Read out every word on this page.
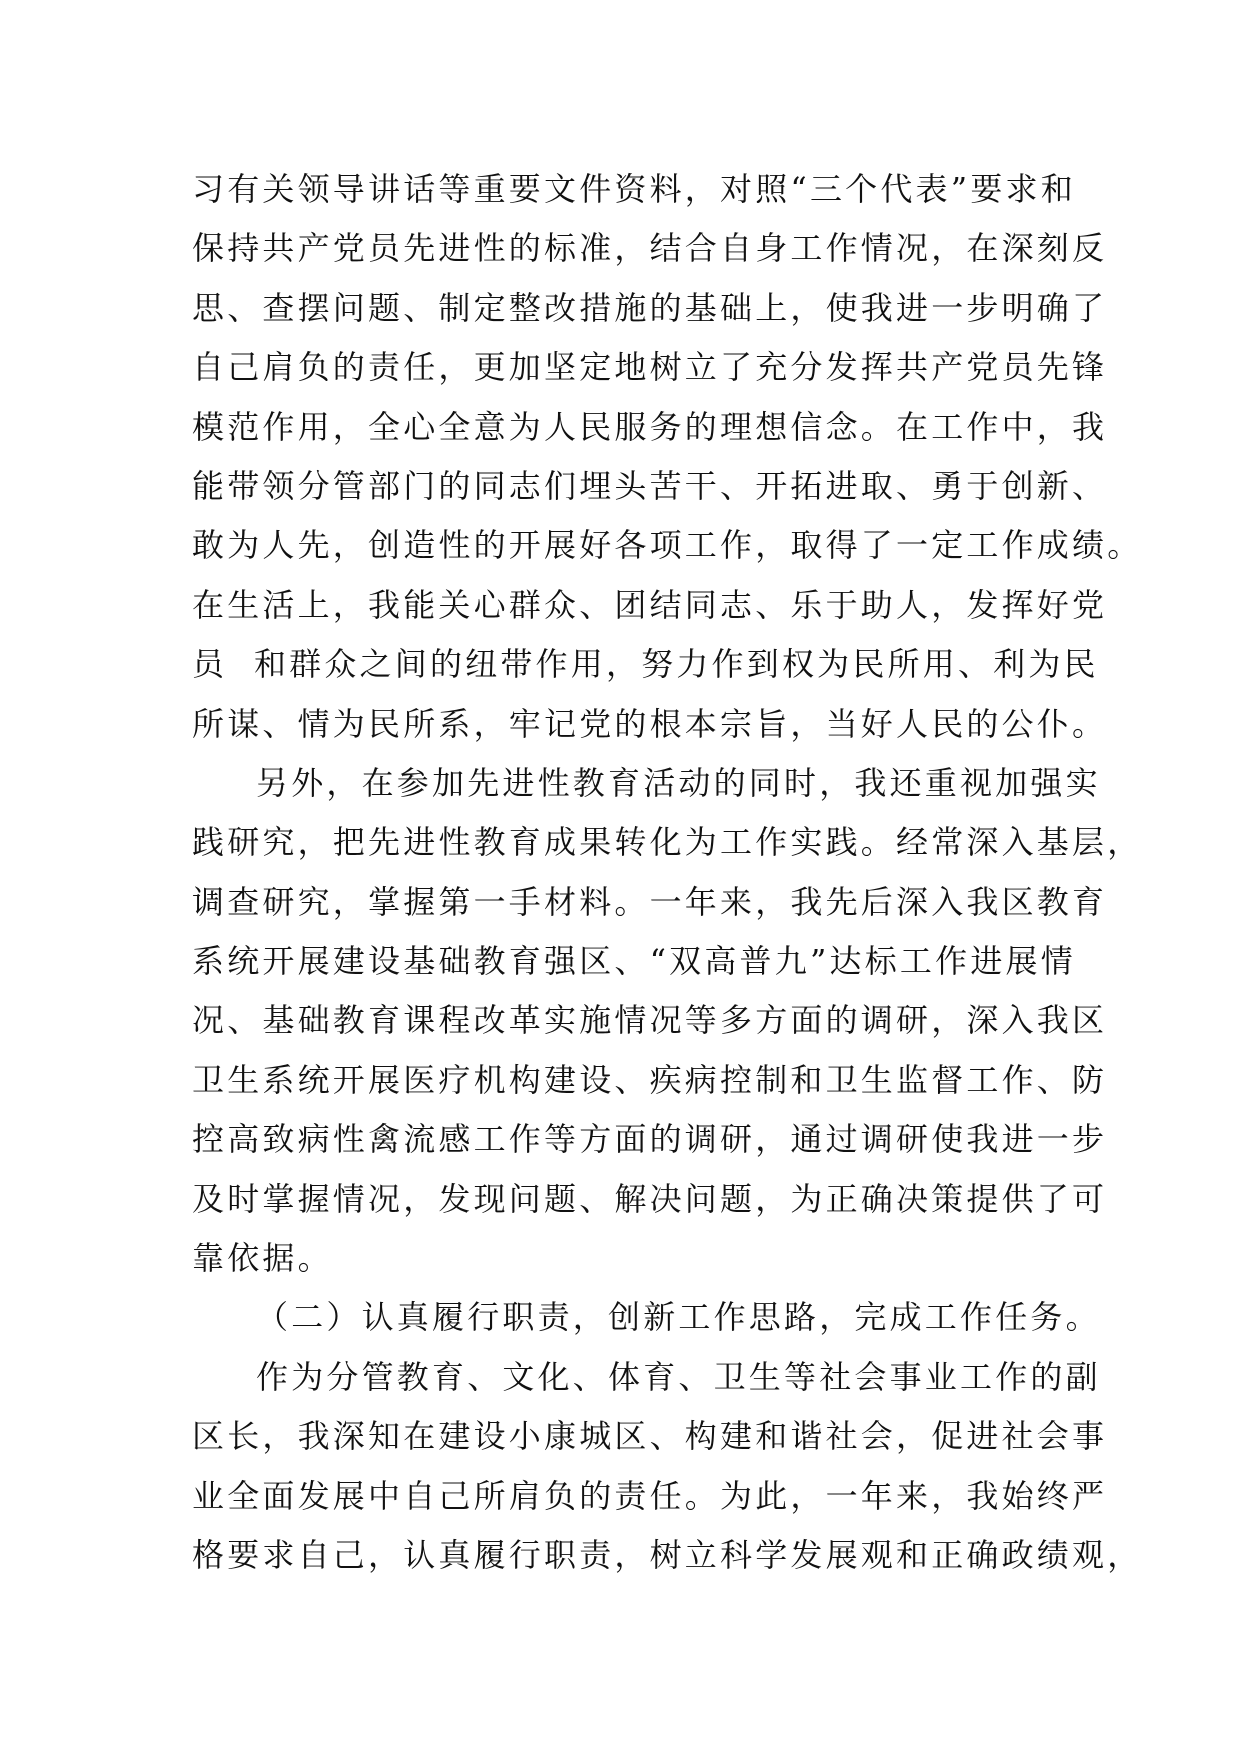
习有关领导讲话等重要文件资料，对照“三个代表”要求和
保持共产党员先进性的标准，结合自身工作情况，在深刻反
思、查摆问题、制定整改措施的基础上，使我进一步明确了
自己肩负的责任，更加坚定地树立了充分发挥共产党员先锋
模范作用，全心全意为人民服务的理想信念。在工作中，我
能带领分管部门的同志们埋头苦干、开拓进取、勇于创新、
敢为人先，创造性的开展好各项工作，取得了一定工作成绩。
在生活上，我能关心群众、团结同志、乐于助人，发挥好党
员  和群众之间的纽带作用，努力作到权为民所用、利为民
所谋、情为民所系，牢记党的根本宗旨，当好人民的公仆。
另外，在参加先进性教育活动的同时，我还重视加强实
践研究，把先进性教育成果转化为工作实践。经常深入基层，
调查研究，掌握第一手材料。一年来，我先后深入我区教育
系统开展建设基础教育强区、“双高普九”达标工作进展情
况、基础教育课程改革实施情况等多方面的调研，深入我区
卫生系统开展医疗机构建设、疾病控制和卫生监督工作、防
控高致病性禽流感工作等方面的调研，通过调研使我进一步
及时掌握情况，发现问题、解决问题，为正确决策提供了可
靠依据。
（二）认真履行职责，创新工作思路，完成工作任务。
作为分管教育、文化、体育、卫生等社会事业工作的副
区长，我深知在建设小康城区、构建和谐社会，促进社会事
业全面发展中自己所肩负的责任。为此，一年来，我始终严
格要求自己，认真履行职责，树立科学发展观和正确政绩观，
